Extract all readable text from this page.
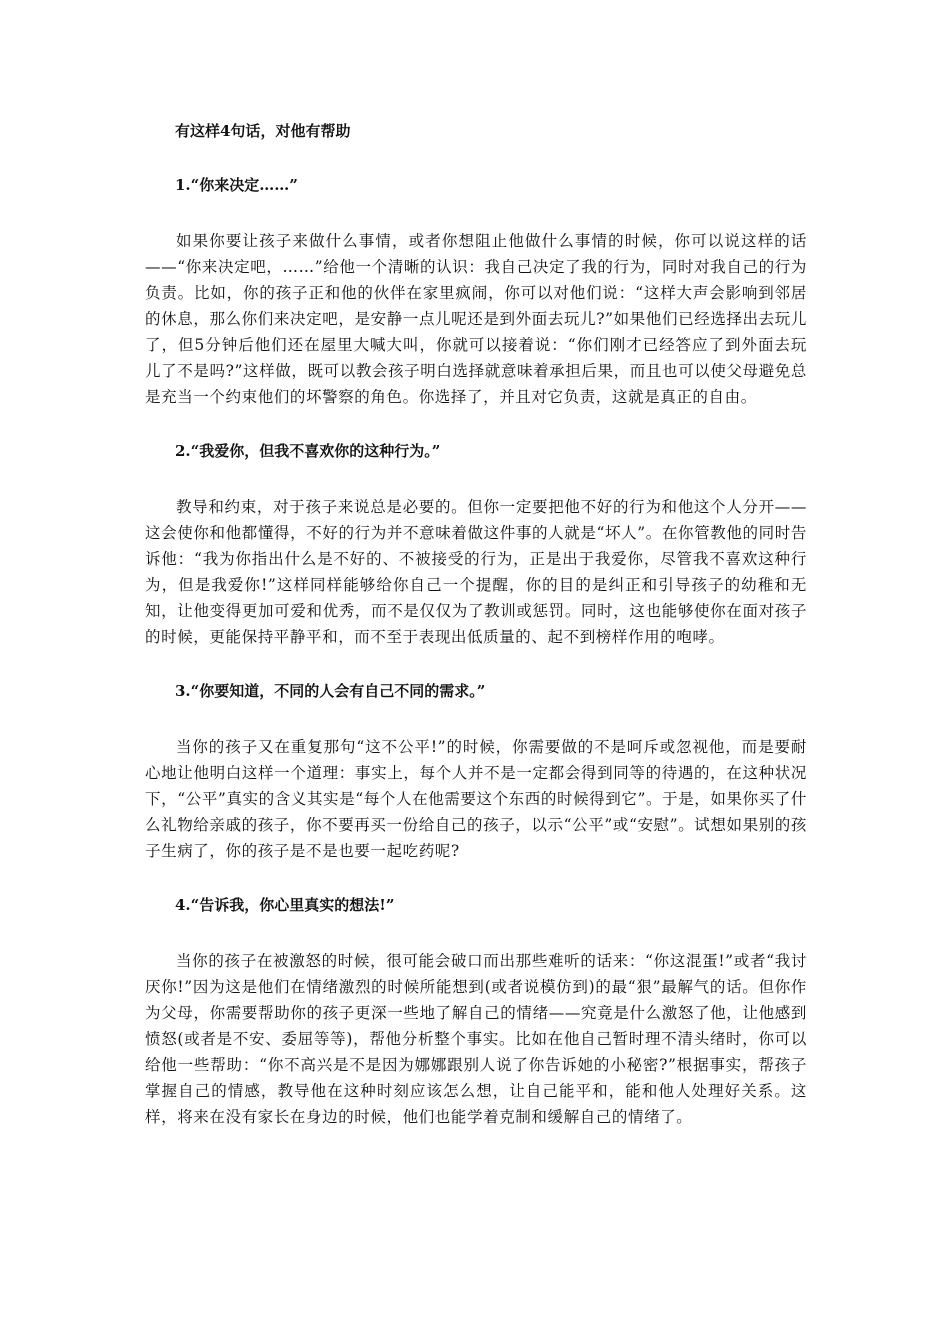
有这样4句话，对他有帮助
1.“你来决定……”

如果你要让孩子来做什么事情，或者你想阻止他做什么事情的时候，你可以说这样的话——“你来决定吧，……”给他一个清晰的认识：我自己决定了我的行为，同时对我自己的行为负责。比如，你的孩子正和他的伙伴在家里疯闹，你可以对他们说：“这样大声会影响到邻居的休息，那么你们来决定吧，是安静一点儿呢还是到外面去玩儿?”如果他们已经选择出去玩儿了，但5分钟后他们还在屋里大喊大叫，你就可以接着说：“你们刚才已经答应了到外面去玩儿了不是吗?”这样做，既可以教会孩子明白选择就意味着承担后果，而且也可以使父母避免总是充当一个约束他们的坏警察的角色。你选择了，并且对它负责，这就是真正的自由。

2.“我爱你，但我不喜欢你的这种行为。”

教导和约束，对于孩子来说总是必要的。但你一定要把他不好的行为和他这个人分开——这会使你和他都懂得，不好的行为并不意味着做这件事的人就是“坏人”。在你管教他的同时告诉他：“我为你指出什么是不好的、不被接受的行为，正是出于我爱你，尽管我不喜欢这种行为，但是我爱你!”这样同样能够给你自己一个提醒，你的目的是纠正和引导孩子的幼稚和无知，让他变得更加可爱和优秀，而不是仅仅为了教训或惩罚。同时，这也能够使你在面对孩子的时候，更能保持平静平和，而不至于表现出低质量的、起不到榜样作用的咆哮。

3.“你要知道，不同的人会有自己不同的需求。”

当你的孩子又在重复那句“这不公平!”的时候，你需要做的不是呵斥或忽视他，而是要耐心地让他明白这样一个道理：事实上，每个人并不是一定都会得到同等的待遇的，在这种状况下，“公平”真实的含义其实是“每个人在他需要这个东西的时候得到它”。于是，如果你买了什么礼物给亲戚的孩子，你不要再买一份给自己的孩子，以示“公平”或“安慰”。试想如果别的孩子生病了，你的孩子是不是也要一起吃药呢?

4.“告诉我，你心里真实的想法!”

当你的孩子在被激怒的时候，很可能会破口而出那些难听的话来：“你这混蛋!”或者“我讨厌你!”因为这是他们在情绪激烈的时候所能想到(或者说模仿到)的最“狠”最解气的话。但你作为父母，你需要帮助你的孩子更深一些地了解自己的情绪——究竟是什么激怒了他，让他感到愤怒(或者是不安、委屈等等)，帮他分析整个事实。比如在他自己暂时理不清头绪时，你可以给他一些帮助：“你不高兴是不是因为娜娜跟别人说了你告诉她的小秘密?”根据事实，帮孩子掌握自己的情感，教导他在这种时刻应该怎么想，让自己能平和，能和他人处理好关系。这样，将来在没有家长在身边的时候，他们也能学着克制和缓解自己的情绪了。
